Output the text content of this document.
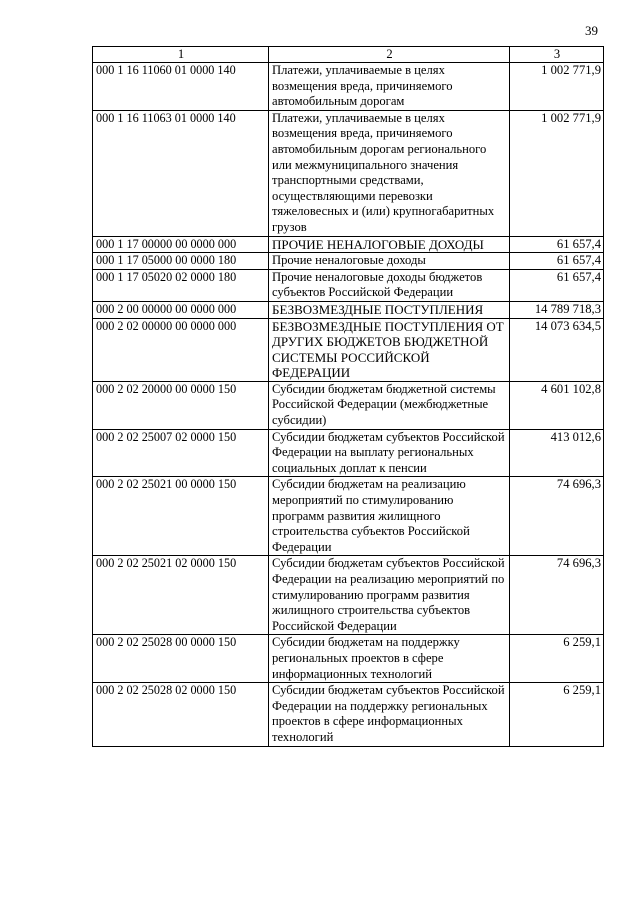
39
1	2	3
000 1 16 11060 01 0000 140	Платежи, уплачиваемые в целях возмещения вреда, причиняемого автомобильным дорогам	1 002 771,9
000 1 16 11063 01 0000 140	Платежи, уплачиваемые в целях возмещения вреда, причиняемого автомобильным дорогам регионального или межмуниципального значения транспортными средствами, осуществляющими перевозки тяжеловесных и (или) крупногабаритных грузов	1 002 771,9
000 1 17 00000 00 0000 000	ПРОЧИЕ НЕНАЛОГОВЫЕ ДОХОДЫ	61 657,4
000 1 17 05000 00 0000 180	Прочие неналоговые доходы	61 657,4
000 1 17 05020 02 0000 180	Прочие неналоговые доходы бюджетов субъектов Российской Федерации	61 657,4
000 2 00 00000 00 0000 000	БЕЗВОЗМЕЗДНЫЕ ПОСТУПЛЕНИЯ	14 789 718,3
000 2 02 00000 00 0000 000	БЕЗВОЗМЕЗДНЫЕ ПОСТУПЛЕНИЯ ОТ ДРУГИХ БЮДЖЕТОВ БЮДЖЕТНОЙ СИСТЕМЫ РОССИЙСКОЙ ФЕДЕРАЦИИ	14 073 634,5
000 2 02 20000 00 0000 150	Субсидии бюджетам бюджетной системы Российской Федерации (межбюджетные субсидии)	4 601 102,8
000 2 02 25007 02 0000 150	Субсидии бюджетам субъектов Российской Федерации на выплату региональных социальных доплат к пенсии	413 012,6
000 2 02 25021 00 0000 150	Субсидии бюджетам на реализацию мероприятий по стимулированию программ развития жилищного строительства субъектов Российской Федерации	74 696,3
000 2 02 25021 02 0000 150	Субсидии бюджетам субъектов Российской Федерации на реализацию мероприятий по стимулированию программ развития жилищного строительства субъектов Российской Федерации	74 696,3
000 2 02 25028 00 0000 150	Субсидии бюджетам на поддержку региональных проектов в сфере информационных технологий	6 259,1
000 2 02 25028 02 0000 150	Субсидии бюджетам субъектов Российской Федерации на поддержку региональных проектов в сфере информационных технологий	6 259,1
